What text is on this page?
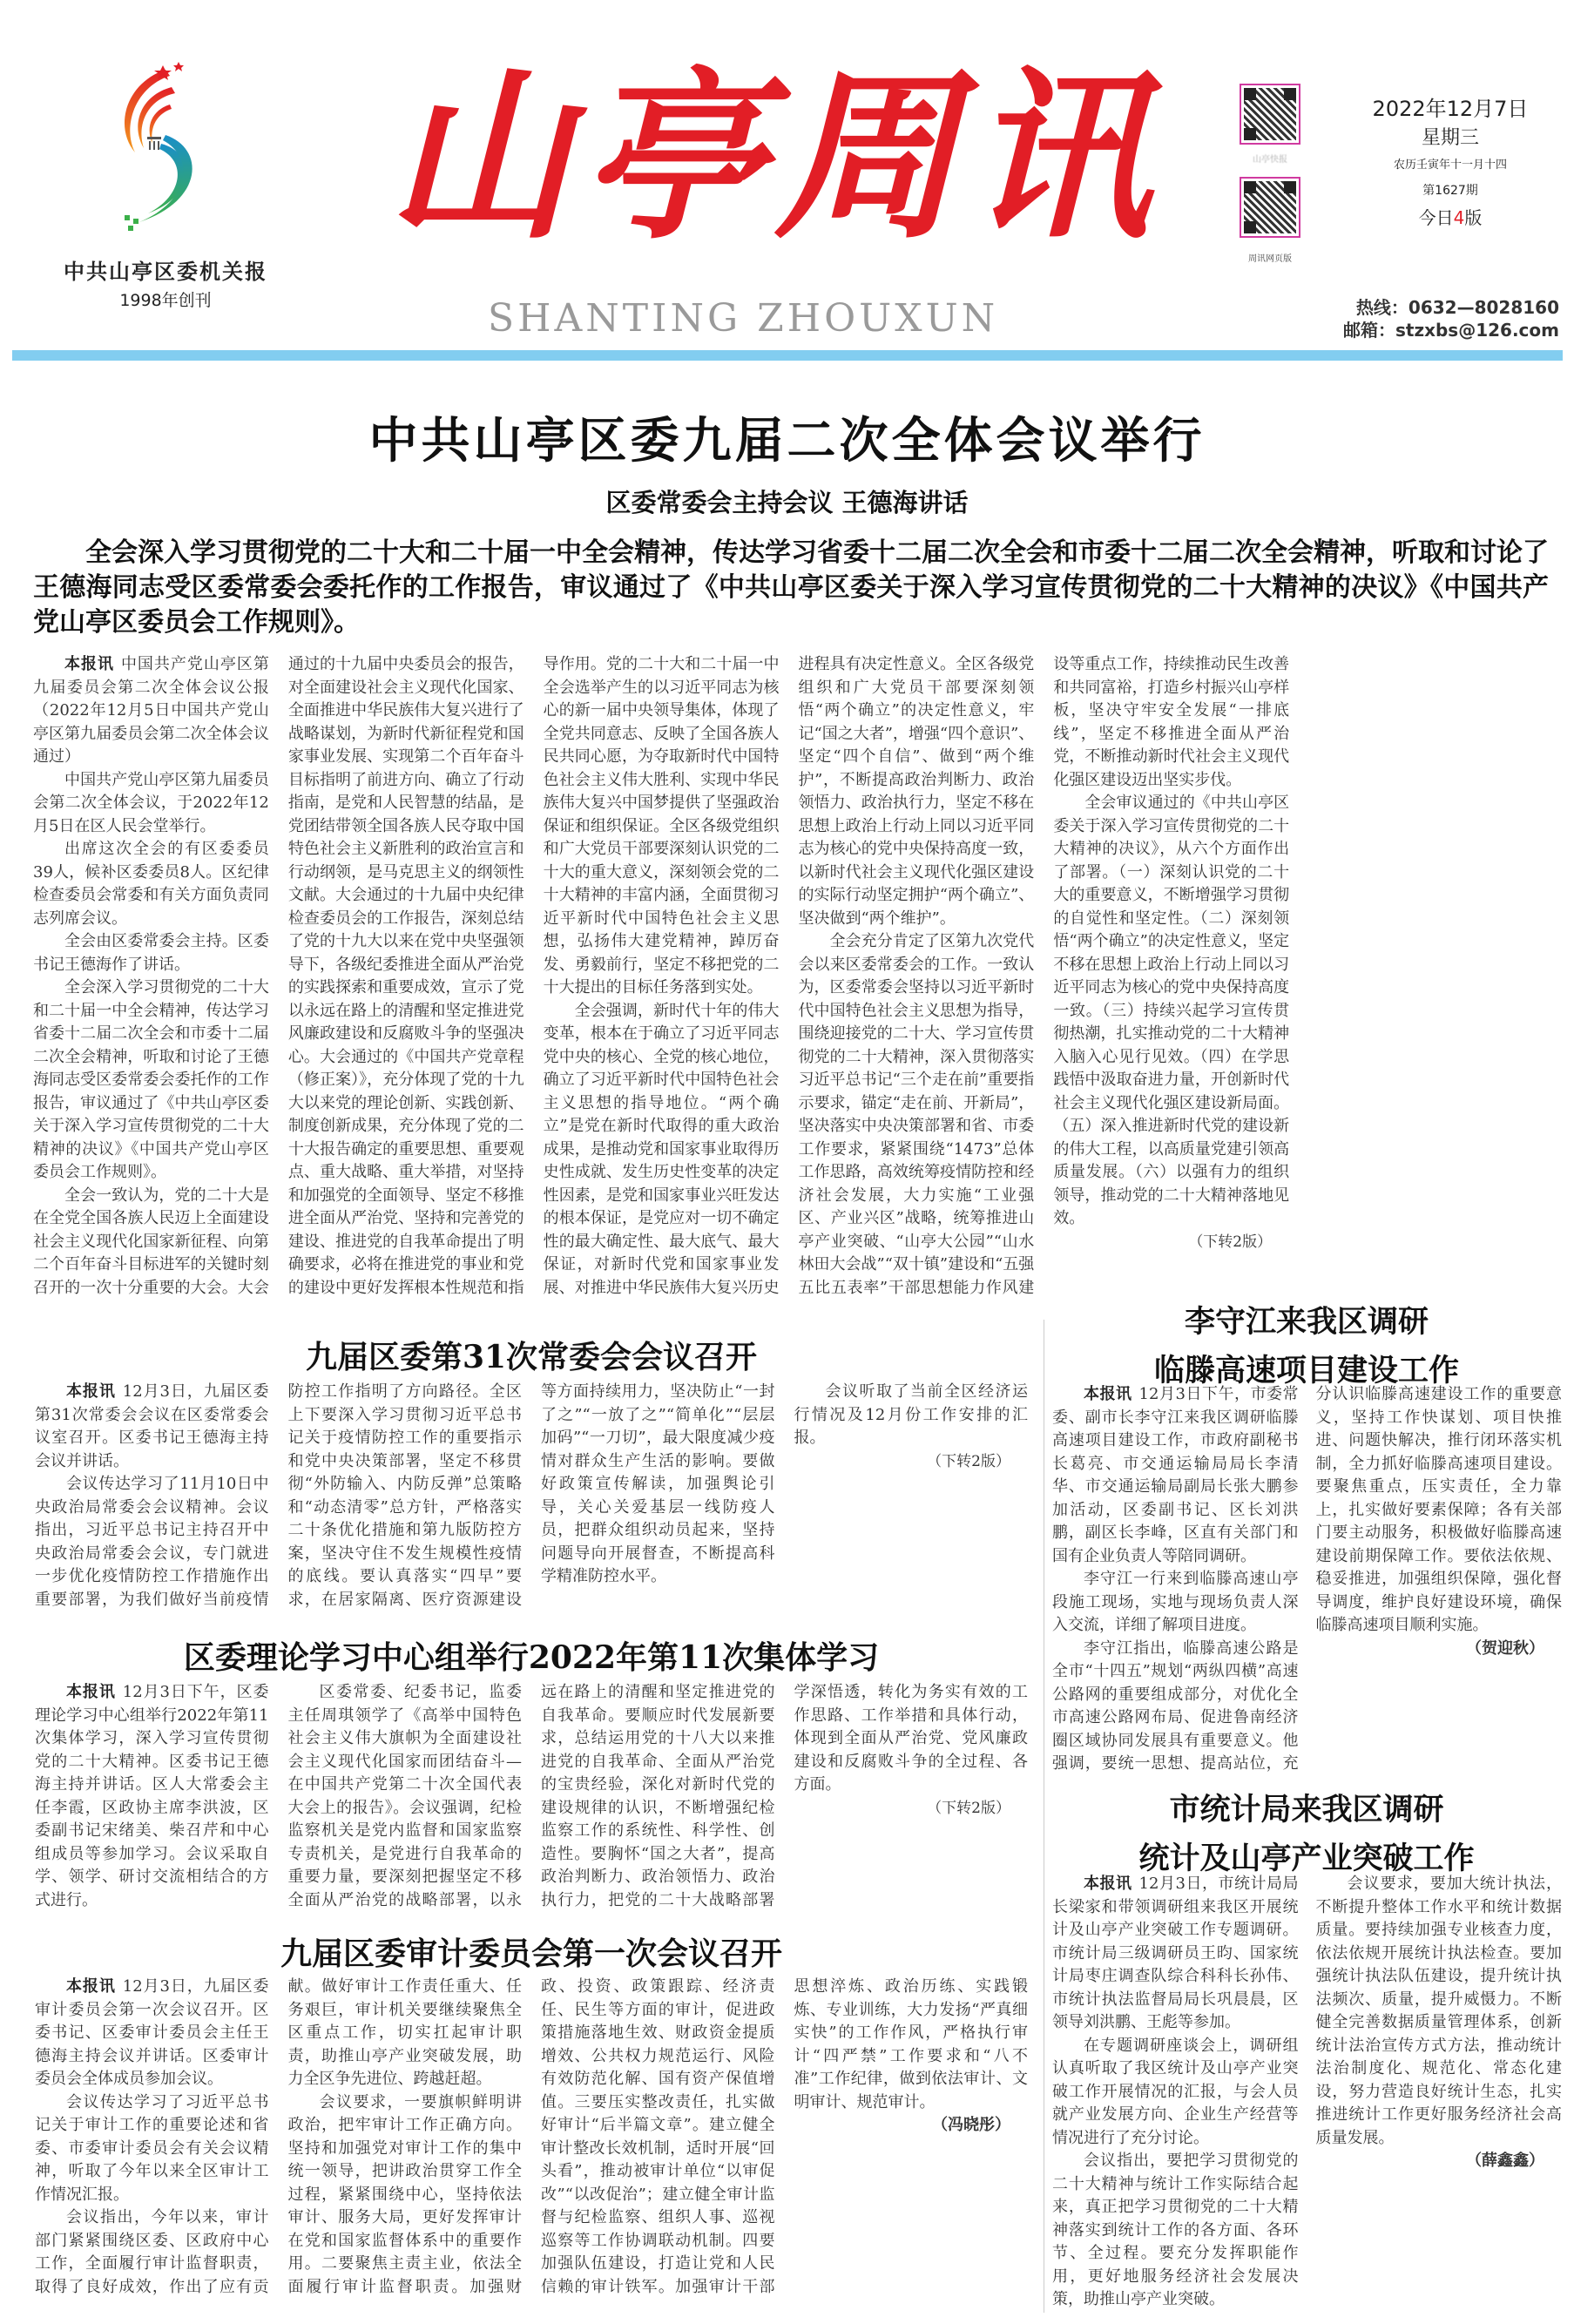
中共山亭区委机关报
1998年创刊
山亭周讯
SHANTING ZHOUXUN
山亭快报
周讯网页版
2022年12月7日
星期三
农历壬寅年十一月十四
第1627期
今日4版
热线：0632—8028160
邮箱：stzxbs@126.com
中共山亭区委九届二次全体会议举行
区委常委会主持会议 王德海讲话
全会深入学习贯彻党的二十大和二十届一中全会精神，传达学习省委十二届二次全会和市委十二届二次全会精神，听取和讨论了王德海同志受区委常委会委托作的工作报告，审议通过了《中共山亭区委关于深入学习宣传贯彻党的二十大精神的决议》《中国共产党山亭区委员会工作规则》。

本报讯 中国共产党山亭区第九届委员会第二次全体会议公报（2022年12月5日中国共产党山亭区第九届委员会第二次全体会议通过）

中国共产党山亭区第九届委员会第二次全体会议，于2022年12月5日在区人民会堂举行。

出席这次全会的有区委委员39人，候补区委委员8人。区纪律检查委员会常委和有关方面负责同志列席会议。

全会由区委常委会主持。区委书记王德海作了讲话。

全会深入学习贯彻党的二十大和二十届一中全会精神，传达学习省委十二届二次全会和市委十二届二次全会精神，听取和讨论了王德海同志受区委常委会委托作的工作报告，审议通过了《中共山亭区委关于深入学习宣传贯彻党的二十大精神的决议》《中国共产党山亭区委员会工作规则》。

全会一致认为，党的二十大是在全党全国各族人民迈上全面建设社会主义现代化国家新征程、向第二个百年奋斗目标进军的关键时刻召开的一次十分重要的大会。大会通过的十九届中央委员会的报告，对全面建设社会主义现代化国家、全面推进中华民族伟大复兴进行了战略谋划，为新时代新征程党和国家事业发展、实现第二个百年奋斗目标指明了前进方向、确立了行动指南，是党和人民智慧的结晶，是党团结带领全国各族人民夺取中国特色社会主义新胜利的政治宣言和行动纲领，是马克思主义的纲领性文献。大会通过的十九届中央纪律检查委员会的工作报告，深刻总结了党的十九大以来在党中央坚强领导下，各级纪委推进全面从严治党的实践探索和重要成效，宣示了党以永远在路上的清醒和坚定推进党风廉政建设和反腐败斗争的坚强决心。大会通过的《中国共产党章程（修正案）》，充分体现了党的十九大以来党的理论创新、实践创新、制度创新成果，充分体现了党的二十大报告确定的重要思想、重要观点、重大战略、重大举措，对坚持和加强党的全面领导、坚定不移推进全面从严治党、坚持和完善党的建设、推进党的自我革命提出了明确要求，必将在推进党的事业和党的建设中更好发挥根本性规范和指导作用。党的二十大和二十届一中全会选举产生的以习近平同志为核心的新一届中央领导集体，体现了全党共同意志、反映了全国各族人民共同心愿，为夺取新时代中国特色社会主义伟大胜利、实现中华民族伟大复兴中国梦提供了坚强政治保证和组织保证。全区各级党组织和广大党员干部要深刻认识党的二十大的重大意义，深刻领会党的二十大精神的丰富内涵，全面贯彻习近平新时代中国特色社会主义思想，弘扬伟大建党精神，踔厉奋发、勇毅前行，坚定不移把党的二十大提出的目标任务落到实处。

全会强调，新时代十年的伟大变革，根本在于确立了习近平同志党中央的核心、全党的核心地位，确立了习近平新时代中国特色社会主义思想的指导地位。“两个确立”是党在新时代取得的重大政治成果，是推动党和国家事业取得历史性成就、发生历史性变革的决定性因素，是党和国家事业兴旺发达的根本保证，是党应对一切不确定性的最大确定性、最大底气、最大保证，对新时代党和国家事业发展、对推进中华民族伟大复兴历史进程具有决定性意义。全区各级党组织和广大党员干部要深刻领悟“两个确立”的决定性意义，牢记“国之大者”，增强“四个意识”、坚定“四个自信”、做到“两个维护”，不断提高政治判断力、政治领悟力、政治执行力，坚定不移在思想上政治上行动上同以习近平同志为核心的党中央保持高度一致，以新时代社会主义现代化强区建设的实际行动坚定拥护“两个确立”、坚决做到“两个维护”。

全会充分肯定了区第九次党代会以来区委常委会的工作。一致认为，区委常委会坚持以习近平新时代中国特色社会主义思想为指导，围绕迎接党的二十大、学习宣传贯彻党的二十大精神，深入贯彻落实习近平总书记“三个走在前”重要指示要求，锚定“走在前、开新局”，坚决落实中央决策部署和省、市委工作要求，紧紧围绕“1473”总体工作思路，高效统筹疫情防控和经济社会发展，大力实施“工业强区、产业兴区”战略，统筹推进山亭产业突破、“山亭大公园”“山水林田大会战”“双十镇”建设和“五强五比五表率”干部思想能力作风建设等重点工作，持续推动民生改善和共同富裕，打造乡村振兴山亭样板，坚决守牢安全发展“一排底线”，坚定不移推进全面从严治党，不断推动新时代社会主义现代化强区建设迈出坚实步伐。

全会审议通过的《中共山亭区委关于深入学习宣传贯彻党的二十大精神的决议》，从六个方面作出了部署。（一）深刻认识党的二十大的重要意义，不断增强学习贯彻的自觉性和坚定性。（二）深刻领悟“两个确立”的决定性意义，坚定不移在思想上政治上行动上同以习近平同志为核心的党中央保持高度一致。（三）持续兴起学习宣传贯彻热潮，扎实推动党的二十大精神入脑入心见行见效。（四）在学思践悟中汲取奋进力量，开创新时代社会主义现代化强区建设新局面。（五）深入推进新时代党的建设新的伟大工程，以高质量党建引领高质量发展。（六）以强有力的组织领导，推动党的二十大精神落地见效。

（下转2版）

九届区委第31次常委会会议召开

本报讯 12月3日，九届区委第31次常委会会议在区委常委会议室召开。区委书记王德海主持会议并讲话。

会议传达学习了11月10日中央政治局常委会会议精神。会议指出，习近平总书记主持召开中央政治局常委会会议，专门就进一步优化疫情防控工作措施作出重要部署，为我们做好当前疫情防控工作指明了方向路径。全区上下要深入学习贯彻习近平总书记关于疫情防控工作的重要指示和党中央决策部署，坚定不移贯彻“外防输入、内防反弹”总策略和“动态清零”总方针，严格落实二十条优化措施和第九版防控方案，坚决守住不发生规模性疫情的底线。要认真落实“四早”要求，在居家隔离、医疗资源建设等方面持续用力，坚决防止“一封了之”“一放了之”“简单化”“层层加码”“一刀切”，最大限度减少疫情对群众生产生活的影响。要做好政策宣传解读，加强舆论引导，关心关爱基层一线防疫人员，把群众组织动员起来，坚持问题导向开展督查，不断提高科学精准防控水平。

会议听取了当前全区经济运行情况及12月份工作安排的汇报。

（下转2版）

区委理论学习中心组举行2022年第11次集体学习

本报讯 12月3日下午，区委理论学习中心组举行2022年第11次集体学习，深入学习宣传贯彻党的二十大精神。区委书记王德海主持并讲话。区人大常委会主任李霞，区政协主席李洪波，区委副书记宋绪美、柴召芹和中心组成员等参加学习。会议采取自学、领学、研讨交流相结合的方式进行。

区委常委、纪委书记，监委主任周琪领学了《高举中国特色社会主义伟大旗帜为全面建设社会主义现代化国家而团结奋斗—在中国共产党第二十次全国代表大会上的报告》。会议强调，纪检监察机关是党内监督和国家监察专责机关，是党进行自我革命的重要力量，要深刻把握坚定不移全面从严治党的战略部署，以永远在路上的清醒和坚定推进党的自我革命。要顺应时代发展新要求，总结运用党的十八大以来推进党的自我革命、全面从严治党的宝贵经验，深化对新时代党的建设规律的认识，不断增强纪检监察工作的系统性、科学性、创造性。要胸怀“国之大者”，提高政治判断力、政治领悟力、政治执行力，把党的二十大战略部署学深悟透，转化为务实有效的工作思路、工作举措和具体行动，体现到全面从严治党、党风廉政建设和反腐败斗争的全过程、各方面。

（下转2版）

九届区委审计委员会第一次会议召开

本报讯 12月3日，九届区委审计委员会第一次会议召开。区委书记、区委审计委员会主任王德海主持会议并讲话。区委审计委员会全体成员参加会议。

会议传达学习了习近平总书记关于审计工作的重要论述和省委、市委审计委员会有关会议精神，听取了今年以来全区审计工作情况汇报。

会议指出，今年以来，审计部门紧紧围绕区委、区政府中心工作，全面履行审计监督职责，取得了良好成效，作出了应有贡献。做好审计工作责任重大、任务艰巨，审计机关要继续聚焦全区重点工作，切实扛起审计职责，助推山亭产业突破发展，助力全区争先进位、跨越赶超。

会议要求，一要旗帜鲜明讲政治，把牢审计工作正确方向。坚持和加强党对审计工作的集中统一领导，把讲政治贯穿工作全过程，紧紧围绕中心，坚持依法审计、服务大局，更好发挥审计在党和国家监督体系中的重要作用。二要聚焦主责主业，依法全面履行审计监督职责。加强财政、投资、政策跟踪、经济责任、民生等方面的审计，促进政策措施落地生效、财政资金提质增效、公共权力规范运行、风险有效防范化解、国有资产保值增值。三要压实整改责任，扎实做好审计“后半篇文章”。建立健全审计整改长效机制，适时开展“回头看”，推动被审计单位“以审促改”“以改促治”；建立健全审计监督与纪检监察、组织人事、巡视巡察等工作协调联动机制。四要加强队伍建设，打造让党和人民信赖的审计铁军。加强审计干部思想淬炼、政治历练、实践锻炼、专业训练，大力发扬“严真细实快”的工作作风，严格执行审计“四严禁”工作要求和“八不准”工作纪律，做到依法审计、文明审计、规范审计。

（冯晓彤）

李守江来我区调研
临滕高速项目建设工作

本报讯 12月3日下午，市委常委、副市长李守江来我区调研临滕高速项目建设工作，市政府副秘书长葛亮、市交通运输局局长李清华、市交通运输局副局长张大鹏参加活动，区委副书记、区长刘洪鹏，副区长李峰，区直有关部门和国有企业负责人等陪同调研。

李守江一行来到临滕高速山亭段施工现场，实地与现场负责人深入交流，详细了解项目进度。

李守江指出，临滕高速公路是全市“十四五”规划“两纵四横”高速公路网的重要组成部分，对优化全市高速公路网布局、促进鲁南经济圈区域协同发展具有重要意义。他强调，要统一思想、提高站位，充分认识临滕高速建设工作的重要意义，坚持工作快谋划、项目快推进、问题快解决，推行闭环落实机制，全力抓好临滕高速项目建设。要聚焦重点，压实责任，全力靠上，扎实做好要素保障；各有关部门要主动服务，积极做好临滕高速建设前期保障工作。要依法依规、稳妥推进，加强组织保障，强化督导调度，维护良好建设环境，确保临滕高速项目顺利实施。

（贺迎秋）

市统计局来我区调研
统计及山亭产业突破工作

本报讯 12月3日，市统计局局长梁家和带领调研组来我区开展统计及山亭产业突破工作专题调研。市统计局三级调研员王昀、国家统计局枣庄调查队综合科科长孙伟、市统计执法监督局局长巩晨晨，区领导刘洪鹏、王彪等参加。

在专题调研座谈会上，调研组认真听取了我区统计及山亭产业突破工作开展情况的汇报，与会人员就产业发展方向、企业生产经营等情况进行了充分讨论。

会议指出，要把学习贯彻党的二十大精神与统计工作实际结合起来，真正把学习贯彻党的二十大精神落实到统计工作的各方面、各环节、全过程。要充分发挥职能作用，更好地服务经济社会发展决策，助推山亭产业突破。

会议要求，要加大统计执法，不断提升整体工作水平和统计数据质量。要持续加强专业核查力度，依法依规开展统计执法检查。要加强统计执法队伍建设，提升统计执法频次、质量，提升威慑力。不断健全完善数据质量管理体系，创新统计法治宣传方式方法，推动统计法治制度化、规范化、常态化建设，努力营造良好统计生态，扎实推进统计工作更好服务经济社会高质量发展。

（薛鑫鑫）
